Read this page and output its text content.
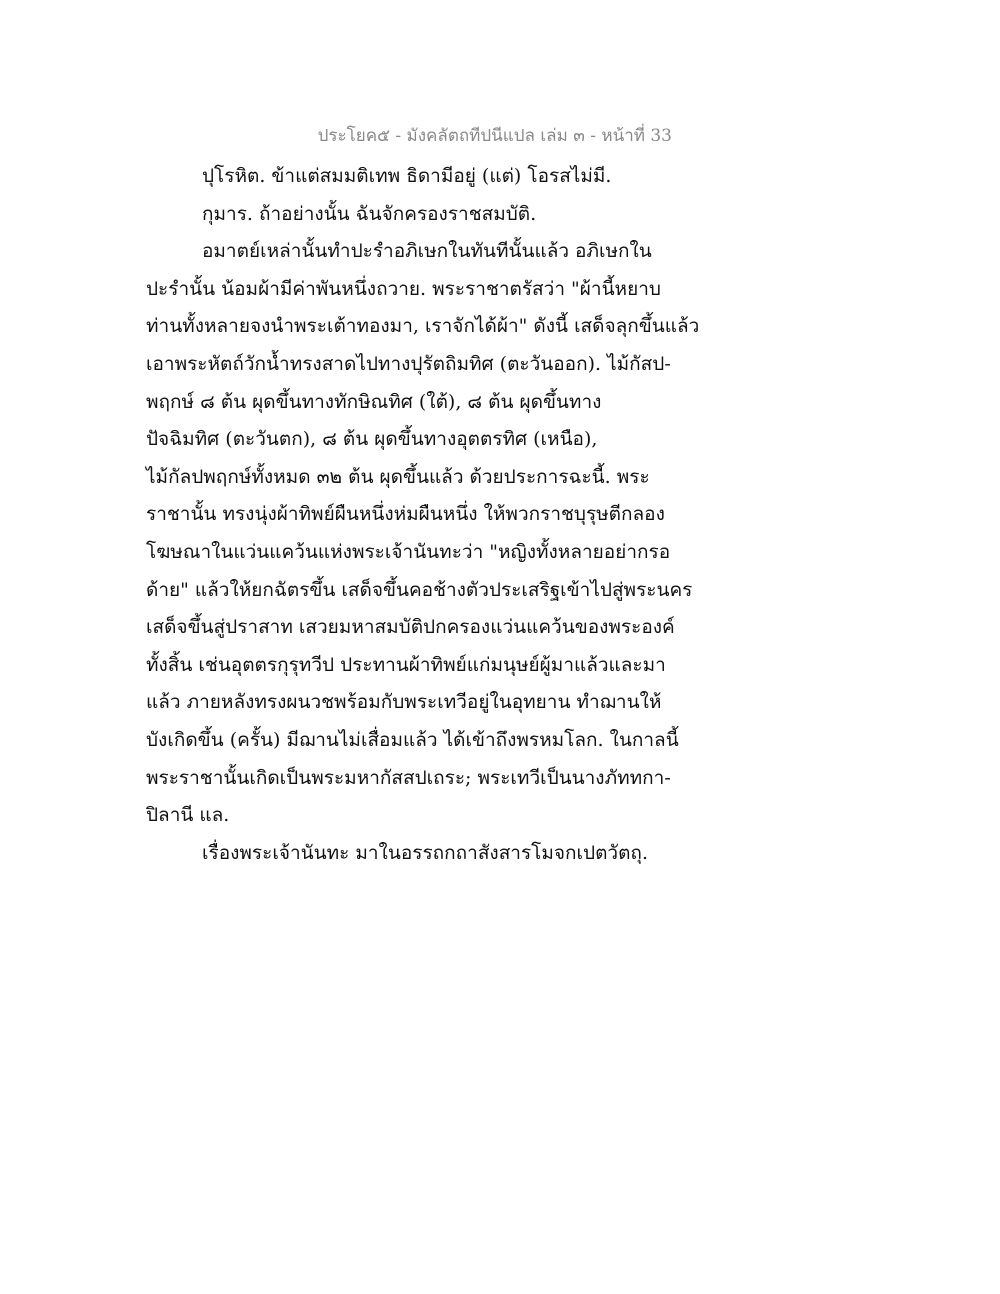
ประโยค๕ - มังคลัตถทีปนีแปล เล่ม ๓ - หน้าที่ 33
ปุโรหิต. ข้าแต่สมมติเทพ ธิดามีอยู่ (แต่) โอรสไม่มี.
กุมาร. ถ้าอย่างนั้น ฉันจักครองราชสมบัติ.
อมาตย์เหล่านั้นทำปะรำอภิเษกในทันทีนั้นแล้ว อภิเษกใน
ปะรำนั้น น้อมผ้ามีค่าพันหนึ่งถวาย. พระราชาตรัสว่า "ผ้านี้หยาบ
ท่านทั้งหลายจงนำพระเต้าทองมา, เราจักได้ผ้า" ดังนี้ เสด็จลุกขึ้นแล้ว
เอาพระหัตถ์วักน้ำทรงสาดไปทางปุรัตถิมทิศ (ตะวันออก). ไม้กัสป-
พฤกษ์ ๘ ต้น ผุดขึ้นทางทักษิณทิศ (ใต้), ๘ ต้น ผุดขึ้นทาง
ปัจฉิมทิศ (ตะวันตก), ๘ ต้น ผุดขึ้นทางอุตตรทิศ (เหนือ),
ไม้กัลปพฤกษ์ทั้งหมด ๓๒ ต้น ผุดขึ้นแล้ว ด้วยประการฉะนี้. พระ
ราชานั้น ทรงนุ่งผ้าทิพย์ผืนหนึ่งห่มผืนหนึ่ง ให้พวกราชบุรุษตีกลอง
โฆษณาในแว่นแคว้นแห่งพระเจ้านันทะว่า "หญิงทั้งหลายอย่ากรอ
ด้าย" แล้วให้ยกฉัตรขึ้น เสด็จขึ้นคอช้างตัวประเสริฐเข้าไปสู่พระนคร
เสด็จขึ้นสู่ปราสาท เสวยมหาสมบัติปกครองแว่นแคว้นของพระองค์
ทั้งสิ้น เช่นอุตตรกุรุทวีป ประทานผ้าทิพย์แก่มนุษย์ผู้มาแล้วและมา
แล้ว ภายหลังทรงผนวชพร้อมกับพระเทวีอยู่ในอุทยาน ทำฌานให้
บังเกิดขึ้น (ครั้น) มีฌานไม่เสื่อมแล้ว ได้เข้าถึงพรหมโลก. ในกาลนี้
พระราชานั้นเกิดเป็นพระมหากัสสปเถระ; พระเทวีเป็นนางภัททกา-
ปิลานี แล.
เรื่องพระเจ้านันทะ มาในอรรถกถาสังสารโมจกเปตวัตถุ.
